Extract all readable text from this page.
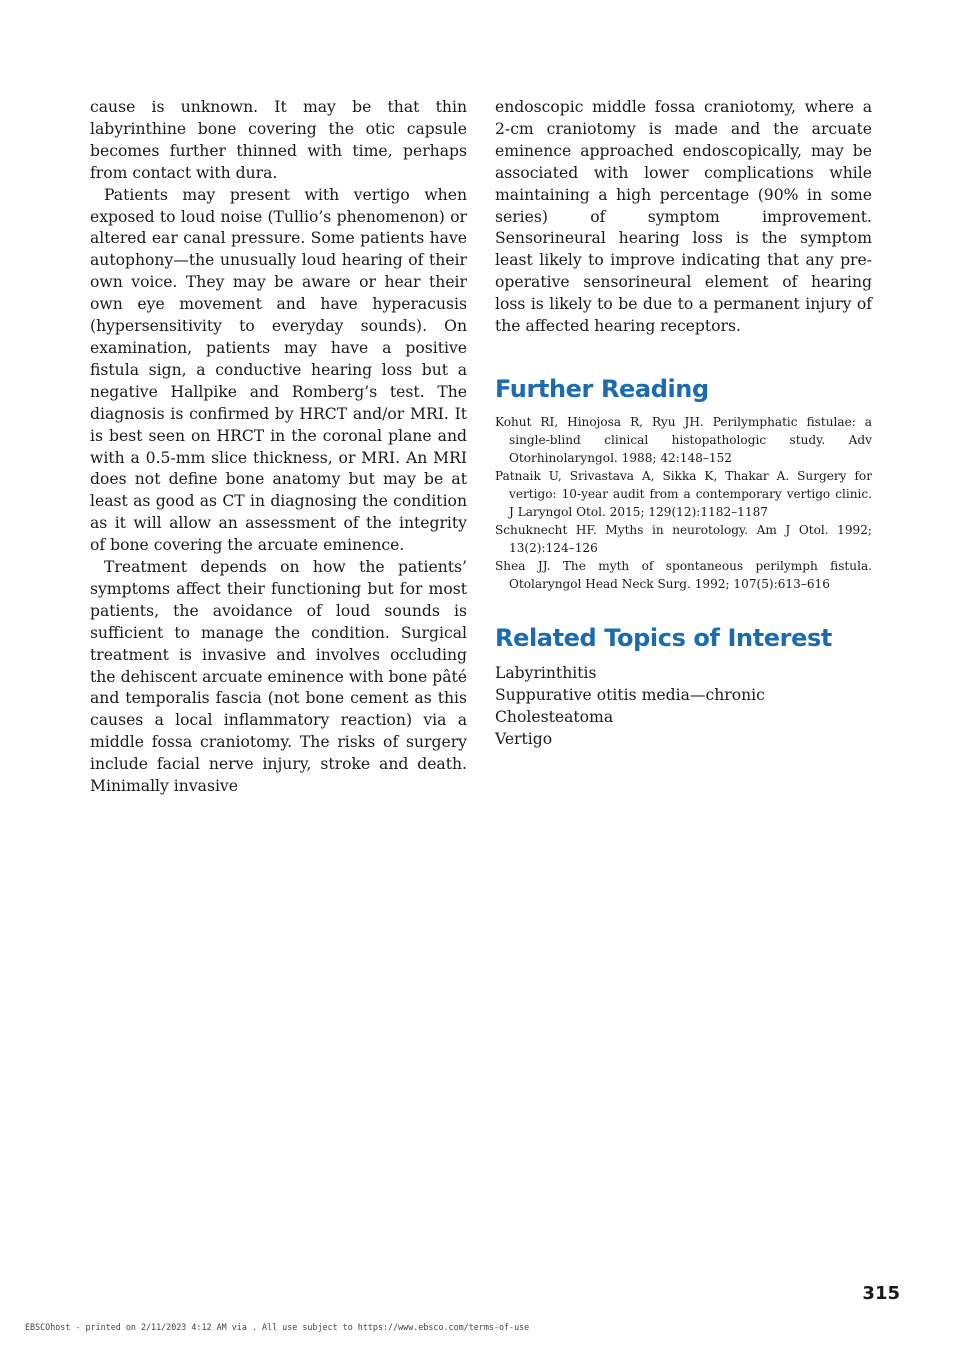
cause is unknown. It may be that thin labyrinthine bone covering the otic capsule becomes further thinned with time, perhaps from contact with dura.

Patients may present with vertigo when exposed to loud noise (Tullio’s phenomenon) or altered ear canal pressure. Some patients have autophony—the unusually loud hearing of their own voice. They may be aware or hear their own eye movement and have hyperacusis (hypersensitivity to everyday sounds). On examination, patients may have a positive fistula sign, a conductive hearing loss but a negative Hallpike and Romberg’s test. The diagnosis is confirmed by HRCT and/or MRI. It is best seen on HRCT in the coronal plane and with a 0.5-mm slice thickness, or MRI. An MRI does not define bone anatomy but may be at least as good as CT in diagnosing the condition as it will allow an assessment of the integrity of bone covering the arcuate eminence.

Treatment depends on how the patients’ symptoms affect their functioning but for most patients, the avoidance of loud sounds is sufficient to manage the condition. Surgical treatment is invasive and involves occluding the dehiscent arcuate eminence with bone pâté and temporalis fascia (not bone cement as this causes a local inflammatory reaction) via a middle fossa craniotomy. The risks of surgery include facial nerve injury, stroke and death. Minimally invasive

endoscopic middle fossa craniotomy, where a 2-cm craniotomy is made and the arcuate eminence approached endoscopically, may be associated with lower complications while maintaining a high percentage (90% in some series) of symptom improvement. Sensorineural hearing loss is the symptom least likely to improve indicating that any pre-operative sensorineural element of hearing loss is likely to be due to a permanent injury of the affected hearing receptors.

Further Reading
Kohut RI, Hinojosa R, Ryu JH. Perilymphatic fistulae: a single-blind clinical histopathologic study. Adv Otorhinolaryngol. 1988; 42:148–152
Patnaik U, Srivastava A, Sikka K, Thakar A. Surgery for vertigo: 10-year audit from a contemporary vertigo clinic. J Laryngol Otol. 2015; 129(12):1182–1187
Schuknecht HF. Myths in neurotology. Am J Otol. 1992; 13(2):124–126
Shea JJ. The myth of spontaneous perilymph fistula. Otolaryngol Head Neck Surg. 1992; 107(5):613–616
Related Topics of Interest
Labyrinthitis
Suppurative otitis media—chronic
Cholesteatoma
Vertigo
315
EBSCOhost - printed on 2/11/2023 4:12 AM via . All use subject to https://www.ebsco.com/terms-of-use
